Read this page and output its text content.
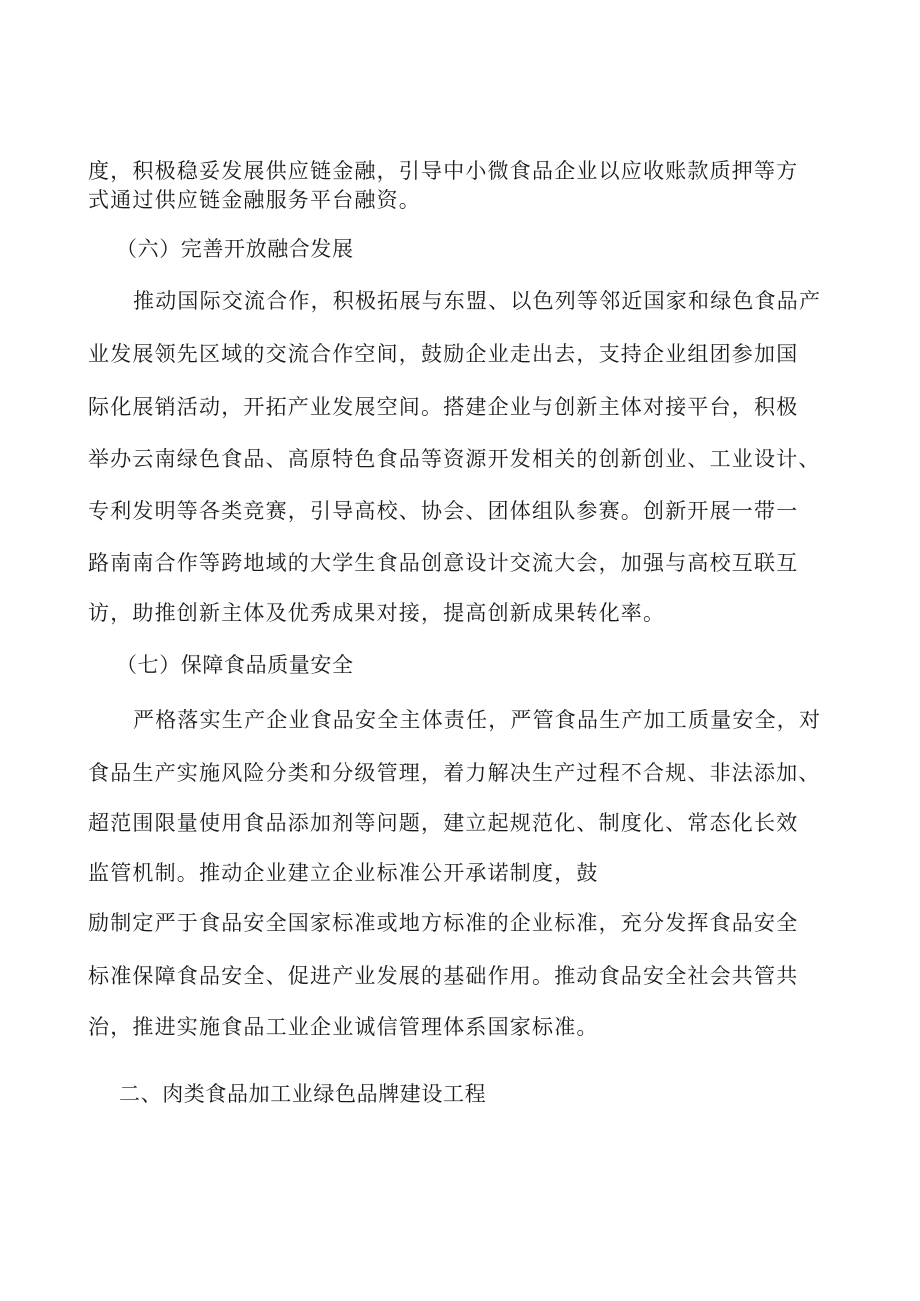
度，积极稳妥发展供应链金融，引导中小微食品企业以应收账款质押等方
式通过供应链金融服务平台融资。
（六）完善开放融合发展
推动国际交流合作，积极拓展与东盟、以色列等邻近国家和绿色食品产
业发展领先区域的交流合作空间，鼓励企业走出去，支持企业组团参加国
际化展销活动，开拓产业发展空间。搭建企业与创新主体对接平台，积极
举办云南绿色食品、高原特色食品等资源开发相关的创新创业、工业设计、
专利发明等各类竞赛，引导高校、协会、团体组队参赛。创新开展一带一
路南南合作等跨地域的大学生食品创意设计交流大会，加强与高校互联互
访，助推创新主体及优秀成果对接，提高创新成果转化率。
（七）保障食品质量安全
严格落实生产企业食品安全主体责任，严管食品生产加工质量安全，对
食品生产实施风险分类和分级管理，着力解决生产过程不合规、非法添加、
超范围限量使用食品添加剂等问题，建立起规范化、制度化、常态化长效
监管机制。推动企业建立企业标准公开承诺制度，鼓
励制定严于食品安全国家标准或地方标准的企业标准，充分发挥食品安全
标准保障食品安全、促进产业发展的基础作用。推动食品安全社会共管共
治，推进实施食品工业企业诚信管理体系国家标准。
二、肉类食品加工业绿色品牌建设工程
